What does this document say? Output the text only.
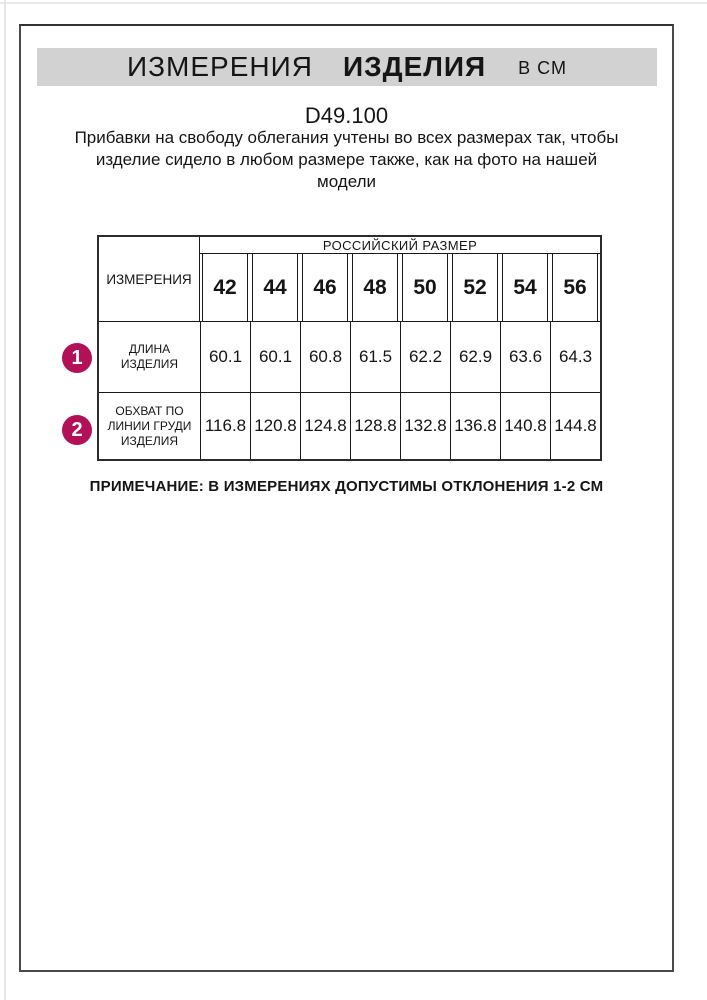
ИЗМЕРЕНИЯ ИЗДЕЛИЯ В СМ
D49.100
Прибавки на свободу облегания учтены во всех размерах так, чтобы
изделие сидело в любом размере также, как на фото на нашей
модели
ИЗМЕРЕНИЯ	РОССИЙСКИЙ РАЗМЕР							

42	44	46	48	50	52	54	56

ДЛИНА ИЗДЕЛИЯ	60.1	60.1	60.8	61.5	62.2	62.9	63.6	64.3
ОБХВАТ ПО ЛИНИИ ГРУДИ ИЗДЕЛИЯ	116.8	120.8	124.8	128.8	132.8	136.8	140.8	144.8
ПРИМЕЧАНИЕ: В ИЗМЕРЕНИЯХ ДОПУСТИМЫ ОТКЛОНЕНИЯ 1-2 СМ
1
2
